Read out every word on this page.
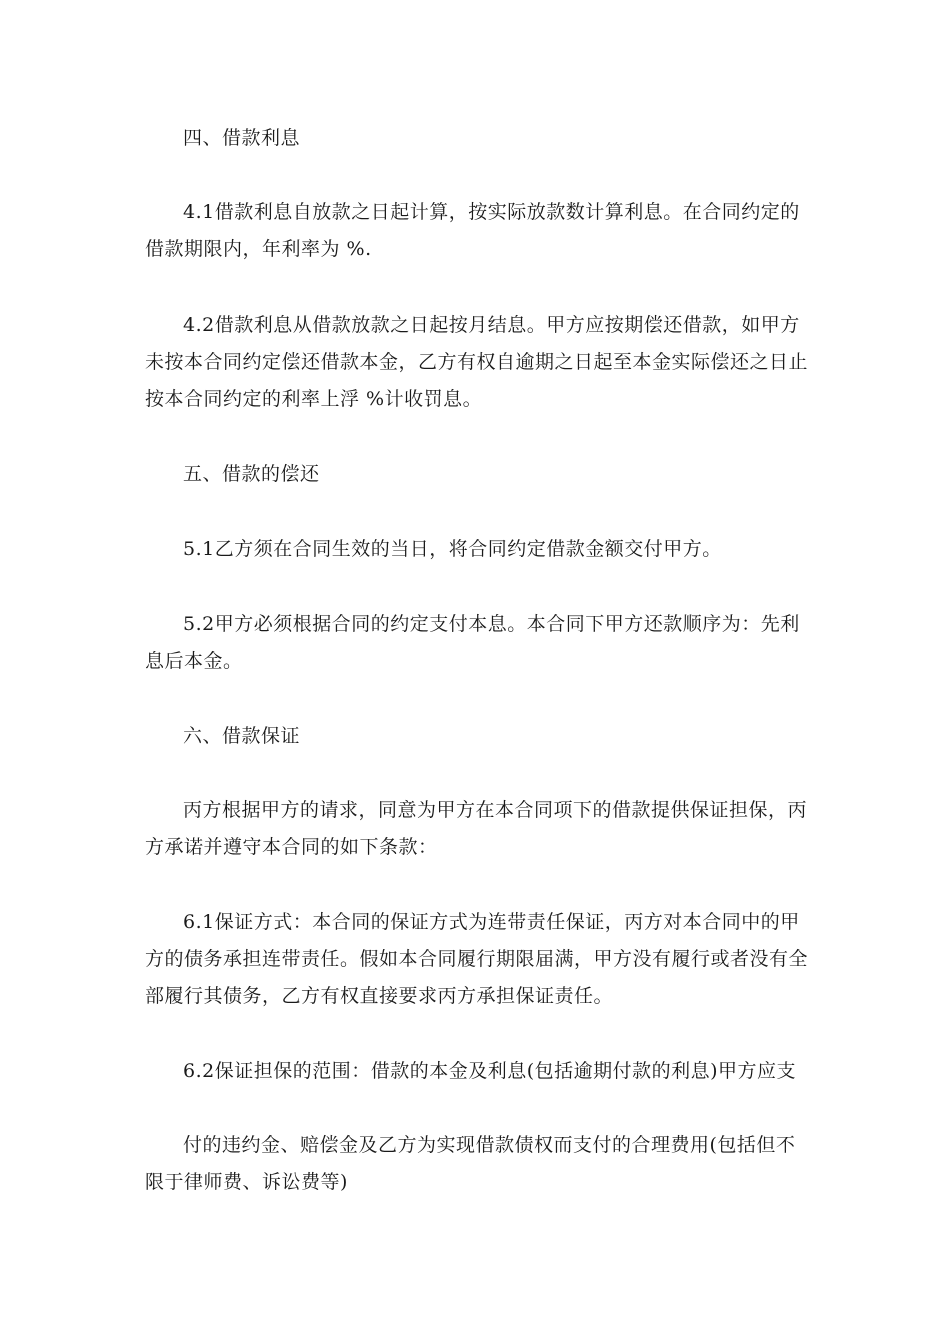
四、借款利息

4.1借款利息自放款之日起计算，按实际放款数计算利息。在合同约定的借款期限内，年利率为 %.

4.2借款利息从借款放款之日起按月结息。甲方应按期偿还借款，如甲方未按本合同约定偿还借款本金，乙方有权自逾期之日起至本金实际偿还之日止按本合同约定的利率上浮 %计收罚息。

五、借款的偿还

5.1乙方须在合同生效的当日，将合同约定借款金额交付甲方。

5.2甲方必须根据合同的约定支付本息。本合同下甲方还款顺序为：先利息后本金。

六、借款保证

丙方根据甲方的请求，同意为甲方在本合同项下的借款提供保证担保，丙方承诺并遵守本合同的如下条款：

6.1保证方式：本合同的保证方式为连带责任保证，丙方对本合同中的甲方的债务承担连带责任。假如本合同履行期限届满，甲方没有履行或者没有全部履行其债务，乙方有权直接要求丙方承担保证责任。

6.2保证担保的范围：借款的本金及利息(包括逾期付款的利息)甲方应支

付的违约金、赔偿金及乙方为实现借款债权而支付的合理费用(包括但不限于律师费、诉讼费等)
